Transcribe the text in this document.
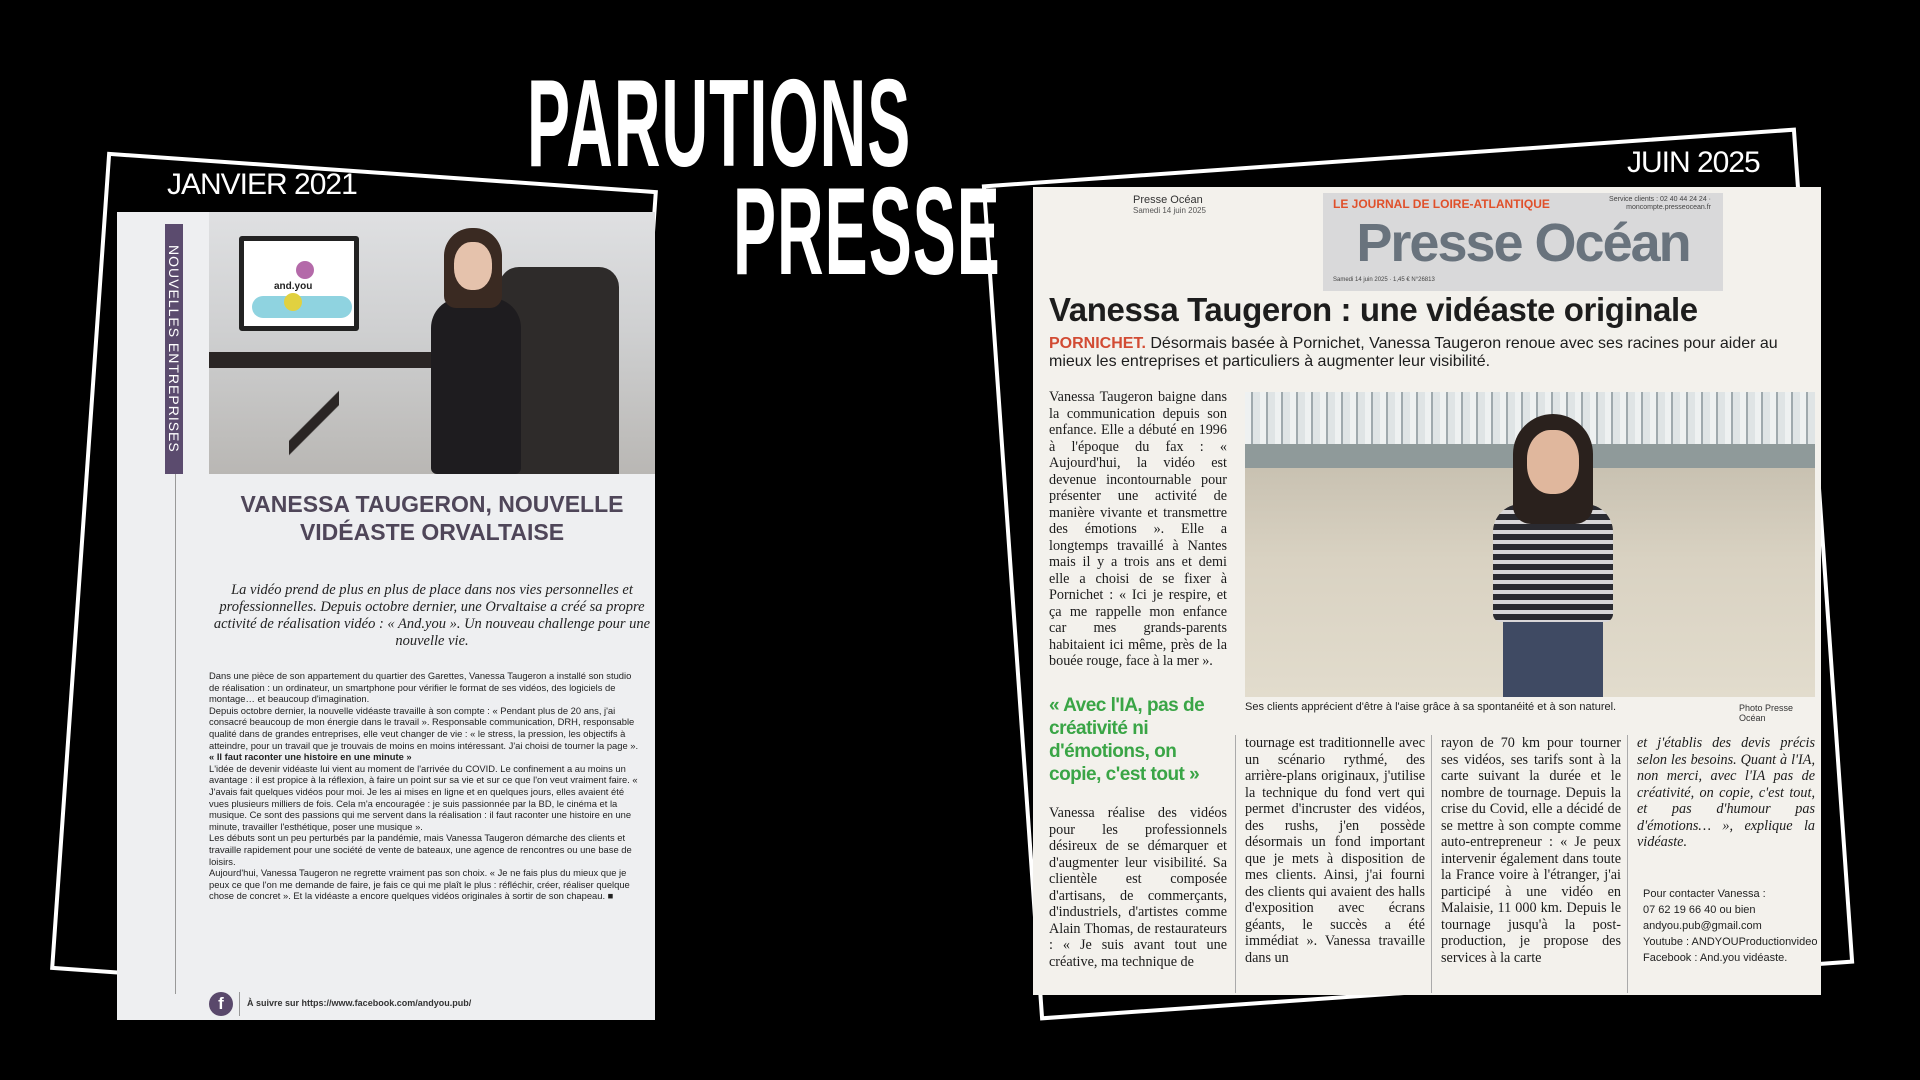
PARUTIONS
PRESSE
JANVIER 2021
and.you
NOUVELLES ENTREPRISES
VANESSA TAUGERON, NOUVELLE VIDÉASTE ORVALTAISE
La vidéo prend de plus en plus de place dans nos vies personnelles et professionnelles. Depuis octobre dernier, une Orvaltaise a créé sa propre activité de réalisation vidéo : « And.you ». Un nouveau challenge pour une nouvelle vie.

Dans une pièce de son appartement du quartier des Garettes, Vanessa Taugeron a installé son studio de réalisation : un ordinateur, un smartphone pour vérifier le format de ses vidéos, des logiciels de montage… et beaucoup d'imagination.

Depuis octobre dernier, la nouvelle vidéaste travaille à son compte : « Pendant plus de 20 ans, j'ai consacré beaucoup de mon énergie dans le travail ». Responsable communication, DRH, responsable qualité dans de grandes entreprises, elle veut changer de vie : « le stress, la pression, les objectifs à atteindre, pour un travail que je trouvais de moins en moins intéressant. J'ai choisi de tourner la page ».

« Il faut raconter une histoire en une minute »

L'idée de devenir vidéaste lui vient au moment de l'arrivée du COVID. Le confinement a au moins un avantage : il est propice à la réflexion, à faire un point sur sa vie et sur ce que l'on veut vraiment faire. « J'avais fait quelques vidéos pour moi. Je les ai mises en ligne et en quelques jours, elles avaient été vues plusieurs milliers de fois. Cela m'a encouragée : je suis passionnée par la BD, le cinéma et la musique. Ce sont des passions qui me servent dans la réalisation : il faut raconter une histoire en une minute, travailler l'esthétique, poser une musique ».

Les débuts sont un peu perturbés par la pandémie, mais Vanessa Taugeron démarche des clients et travaille rapidement pour une société de vente de bateaux, une agence de rencontres ou une base de loisirs.

Aujourd'hui, Vanessa Taugeron ne regrette vraiment pas son choix. « Je ne fais plus du mieux que je peux ce que l'on me demande de faire, je fais ce qui me plaît le plus : réfléchir, créer, réaliser quelque chose de concret ». Et la vidéaste a encore quelques vidéos originales à sortir de son chapeau. ■

f	À suivre sur https://www.facebook.com/andyou.pub/
JUIN 2025
Presse Océan
Samedi 14 juin 2025	LE JOURNAL DE LOIRE-ATLANTIQUE
Presse Océan
Samedi 14 juin 2025 · 1,45 € N°26813
Service clients : 02 40 44 24 24 · moncompte.presseocean.fr
Vanessa Taugeron : une vidéaste originale
PORNICHET. Désormais basée à Pornichet, Vanessa Taugeron renoue avec ses racines pour aider au mieux les entreprises et particuliers à augmenter leur visibilité.
Vanessa Taugeron baigne dans la communication depuis son enfance. Elle a débuté en 1996 à l'époque du fax : « Aujourd'hui, la vidéo est devenue incontournable pour présenter une activité de manière vivante et transmettre des émotions ». Elle a longtemps travaillé à Nantes mais il y a trois ans et demi elle a choisi de se fixer à Pornichet : « Ici je respire, et ça me rappelle mon enfance car mes grands-parents habitaient ici même, près de la bouée rouge, face à la mer ».
Ses clients apprécient d'être à l'aise grâce à sa spontanéité et à son naturel.	Photo Presse Océan
« Avec l'IA, pas de créativité ni d'émotions, on copie, c'est tout »
Vanessa réalise des vidéos pour les professionnels désireux de se démarquer et d'augmenter leur visibilité. Sa clientèle est composée d'artisans, de commerçants, d'industriels, d'artistes comme Alain Thomas, de restaurateurs : « Je suis avant tout une créative, ma technique de
tournage est traditionnelle avec un scénario rythmé, des arrière-plans originaux, j'utilise la technique du fond vert qui permet d'incruster des vidéos, des rushs, j'en possède désormais un fond important que je mets à disposition de mes clients. Ainsi, j'ai fourni des clients qui avaient des halls d'exposition avec écrans géants, le succès a été immédiat ». Vanessa travaille dans un
rayon de 70 km pour tourner ses vidéos, ses tarifs sont à la carte suivant la durée et le nombre de tournage. Depuis la crise du Covid, elle a décidé de se mettre à son compte comme auto-entrepreneur : « Je peux intervenir également dans toute la France voire à l'étranger, j'ai participé à une vidéo en Malaisie, 11 000 km. Depuis le tournage jusqu'à la post-production, je propose des services à la carte
et j'établis des devis précis selon les besoins. Quant à l'IA, non merci, avec l'IA pas de créativité, on copie, c'est tout, et pas d'humour pas d'émotions… », explique la vidéaste.
Pour contacter Vanessa :
07 62 19 66 40 ou bien
andyou.pub@gmail.com
Youtube : ANDYOUProductionvideo
Facebook : And.you vidéaste.
